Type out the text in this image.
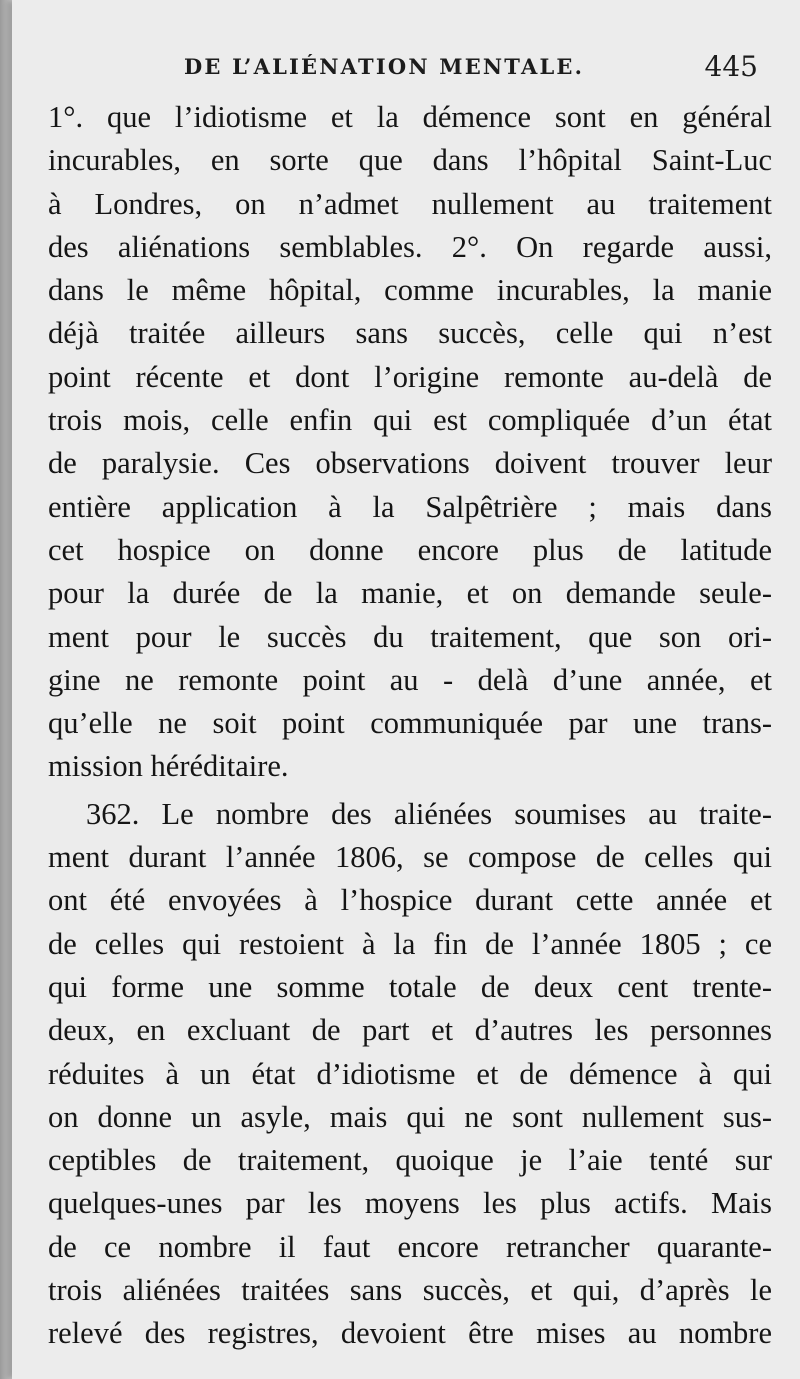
DE L’ALIÉNATION MENTALE.	445
1°. que l’idiotisme et la démence sont en général
incurables, en sorte que dans l’hôpital Saint-Luc
à Londres, on n’admet nullement au traitement
des aliénations semblables. 2°. On regarde aussi,
dans le même hôpital, comme incurables, la manie
déjà traitée ailleurs sans succès, celle qui n’est
point récente et dont l’origine remonte au-delà de
trois mois, celle enfin qui est compliquée d’un état
de paralysie. Ces observations doivent trouver leur
entière application à la Salpêtrière ; mais dans
cet hospice on donne encore plus de latitude
pour la durée de la manie, et on demande seule-
ment pour le succès du traitement, que son ori-
gine ne remonte point au - delà d’une année, et
qu’elle ne soit point communiquée par une trans-
mission héréditaire.
362. Le nombre des aliénées soumises au traite-
ment durant l’année 1806, se compose de celles qui
ont été envoyées à l’hospice durant cette année et
de celles qui restoient à la fin de l’année 1805 ; ce
qui forme une somme totale de deux cent trente-
deux, en excluant de part et d’autres les personnes
réduites à un état d’idiotisme et de démence à qui
on donne un asyle, mais qui ne sont nullement sus-
ceptibles de traitement, quoique je l’aie tenté sur
quelques-unes par les moyens les plus actifs. Mais
de ce nombre il faut encore retrancher quarante-
trois aliénées traitées sans succès, et qui, d’après le
relevé des registres, devoient être mises au nombre
